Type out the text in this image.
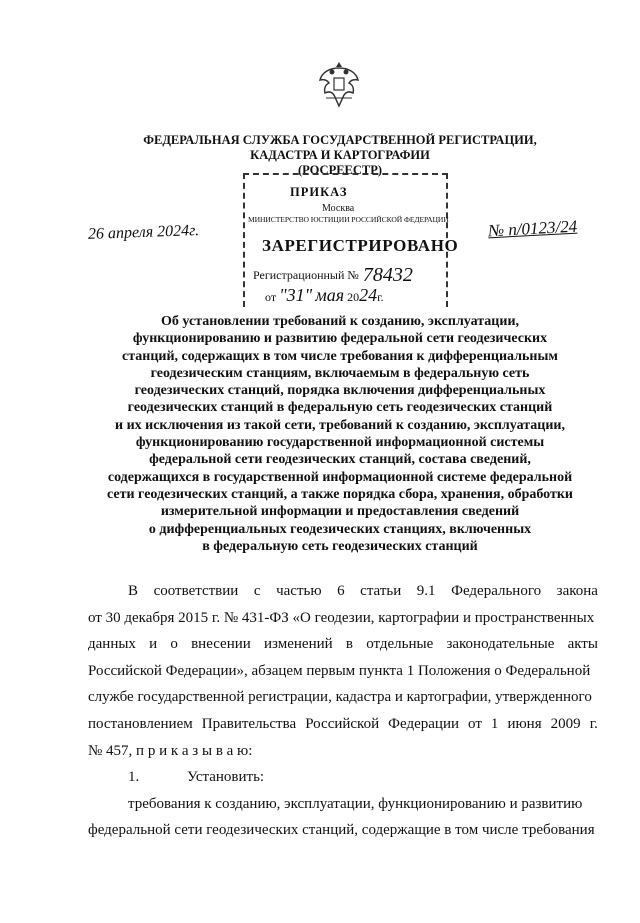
ФЕДЕРАЛЬНАЯ СЛУЖБА ГОСУДАРСТВЕННОЙ РЕГИСТРАЦИИ,
КАДАСТРА И КАРТОГРАФИИ
(РОСРЕЕСТР)
ПРИКАЗ
Москва
МИНИСТЕРСТВО ЮСТИЦИИ РОССИЙСКОЙ ФЕДЕРАЦИИ
ЗАРЕГИСТРИРОВАНО
Регистрационный № 78432
от "31" мая 2024г.
26 апреля 2024г.	№ п/0123/24
Об установлении требований к созданию, эксплуатации,
функционированию и развитию федеральной сети геодезических
станций, содержащих в том числе требования к дифференциальным
геодезическим станциям, включаемым в федеральную сеть
геодезических станций, порядка включения дифференциальных
геодезических станций в федеральную сеть геодезических станций
и их исключения из такой сети, требований к созданию, эксплуатации,
функционированию государственной информационной системы
федеральной сети геодезических станций, состава сведений,
содержащихся в государственной информационной системе федеральной
сети геодезических станций, а также порядка сбора, хранения, обработки
измерительной информации и предоставления сведений
о дифференциальных геодезических станциях, включенных
в федеральную сеть геодезических станций
В соответствии с частью 6 статьи 9.1 Федерального закона
от 30 декабря 2015 г. № 431-ФЗ «О геодезии, картографии и пространственных
данных и о внесении изменений в отдельные законодательные акты
Российской Федерации», абзацем первым пункта 1 Положения о Федеральной
службе государственной регистрации, кадастра и картографии, утвержденного
постановлением Правительства Российской Федерации от 1 июня 2009 г.
№ 457, п р и к а з ы в а ю:
1.	Установить:
требования к созданию, эксплуатации, функционированию и развитию
федеральной сети геодезических станций, содержащие в том числе требования
